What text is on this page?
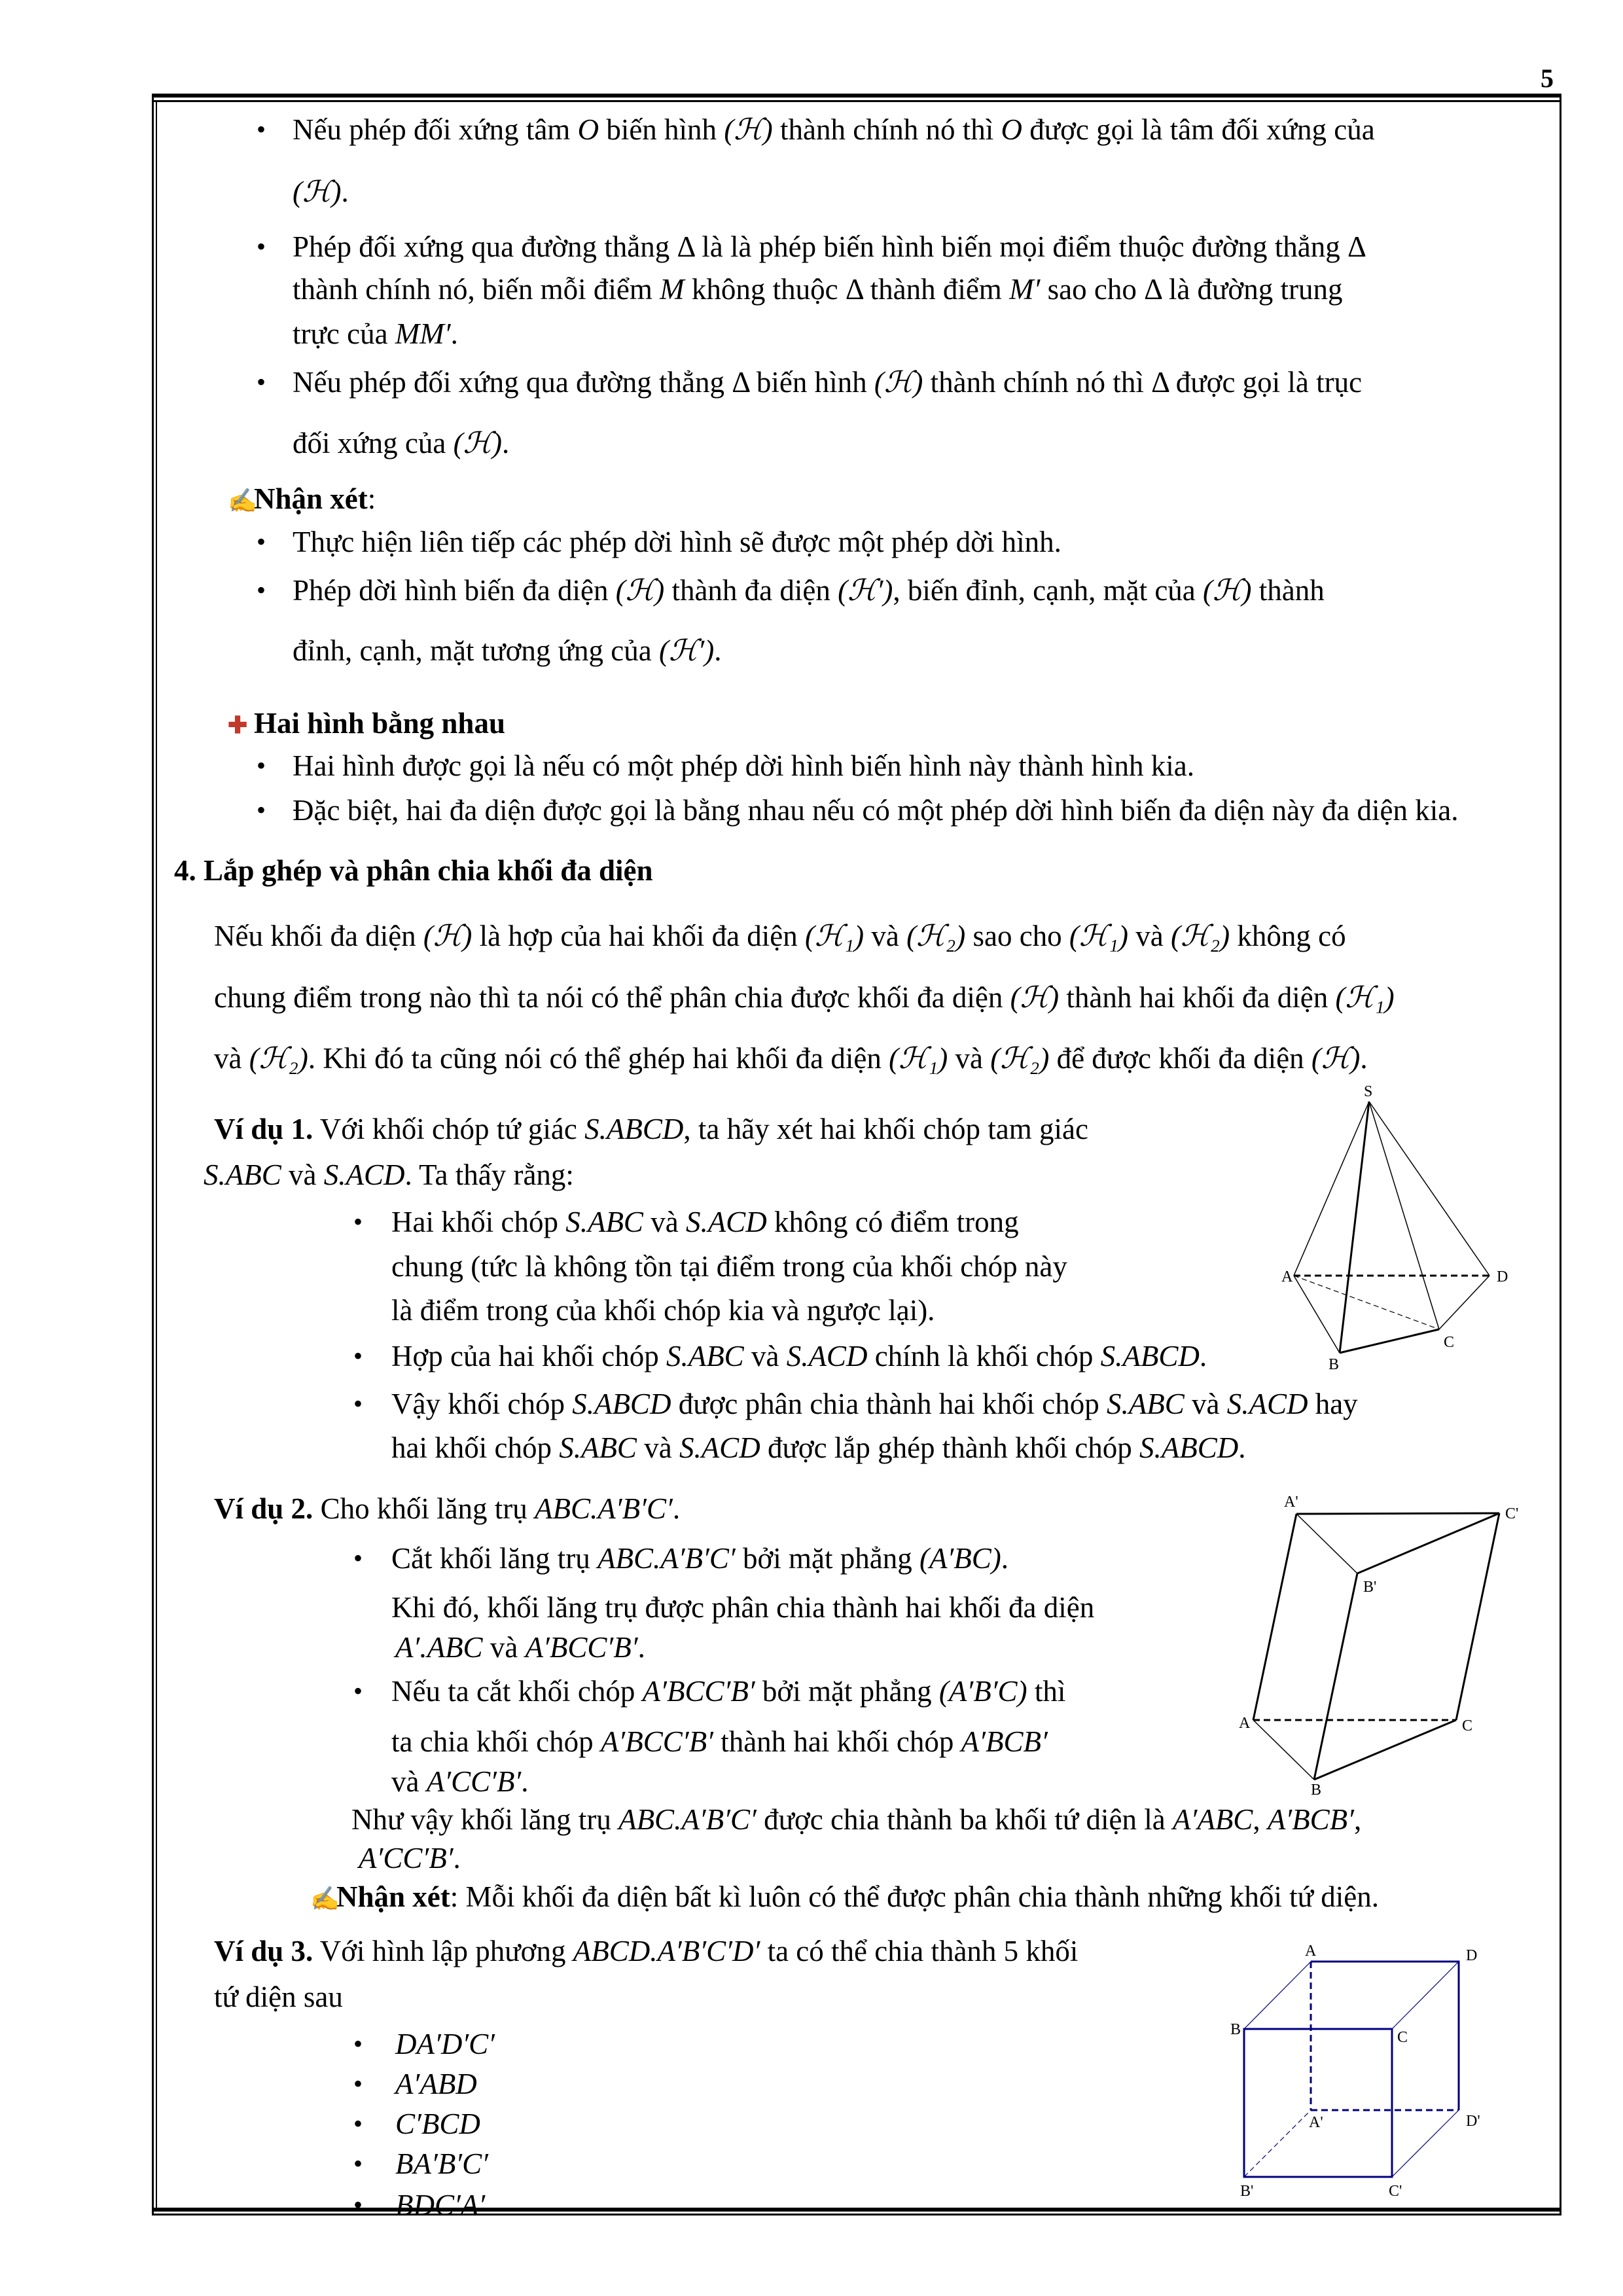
5
• Nếu phép đối xứng tâm O biến hình (ℋ) thành chính nó thì O được gọi là tâm đối xứng của
(ℋ).
• Phép đối xứng qua đường thẳng Δ là là phép biến hình biến mọi điểm thuộc đường thẳng Δ
thành chính nó, biến mỗi điểm M không thuộc Δ thành điểm M′ sao cho Δ là đường trung
trực của MM′.
• Nếu phép đối xứng qua đường thẳng Δ biến hình (ℋ) thành chính nó thì Δ được gọi là trục
đối xứng của (ℋ).
✍Nhận xét:
• Thực hiện liên tiếp các phép dời hình sẽ được một phép dời hình.
• Phép dời hình biến đa diện (ℋ) thành đa diện (ℋ′), biến đỉnh, cạnh, mặt của (ℋ) thành
đỉnh, cạnh, mặt tương ứng của (ℋ′).
✚ Hai hình bằng nhau
• Hai hình được gọi là nếu có một phép dời hình biến hình này thành hình kia.
• Đặc biệt, hai đa diện được gọi là bằng nhau nếu có một phép dời hình biến đa diện này đa diện kia.
4. Lắp ghép và phân chia khối đa diện
Nếu khối đa diện (ℋ) là hợp của hai khối đa diện (ℋ₁) và (ℋ₂) sao cho (ℋ₁) và (ℋ₂) không có
chung điểm trong nào thì ta nói có thể phân chia được khối đa diện (ℋ) thành hai khối đa diện (ℋ₁)
và (ℋ₂). Khi đó ta cũng nói có thể ghép hai khối đa diện (ℋ₁) và (ℋ₂) để được khối đa diện (ℋ).
Ví dụ 1. Với khối chóp tứ giác S.ABCD, ta hãy xét hai khối chóp tam giác
S.ABC và S.ACD. Ta thấy rằng:
• Hai khối chóp S.ABC và S.ACD không có điểm trong
chung (tức là không tồn tại điểm trong của khối chóp này
là điểm trong của khối chóp kia và ngược lại).
• Hợp của hai khối chóp S.ABC và S.ACD chính là khối chóp S.ABCD.
• Vậy khối chóp S.ABCD được phân chia thành hai khối chóp S.ABC và S.ACD hay
hai khối chóp S.ABC và S.ACD được lắp ghép thành khối chóp S.ABCD.
Ví dụ 2. Cho khối lăng trụ ABC.A′B′C′.
• Cắt khối lăng trụ ABC.A′B′C′ bởi mặt phẳng (A′BC).
Khi đó, khối lăng trụ được phân chia thành hai khối đa diện
A′.ABC và A′BCC′B′.
• Nếu ta cắt khối chóp A′BCC′B′ bởi mặt phẳng (A′B′C) thì
ta chia khối chóp A′BCC′B′ thành hai khối chóp A′BCB′
và A′CC′B′.
Như vậy khối lăng trụ ABC.A′B′C′ được chia thành ba khối tứ diện là A′ABC, A′BCB′,
A′CC′B′.
✍Nhận xét: Mỗi khối đa diện bất kì luôn có thể được phân chia thành những khối tứ diện.
Ví dụ 3. Với hình lập phương ABCD.A′B′C′D′ ta có thể chia thành 5 khối
tứ diện sau
• DA′D′C′
• A′ABD
• C′BCD
• BA′B′C′
• BDC′A′
S
A	D
C
B
A'
C'
B'
A	C
B
A	D
B	C
A'	D'
B'	C'
